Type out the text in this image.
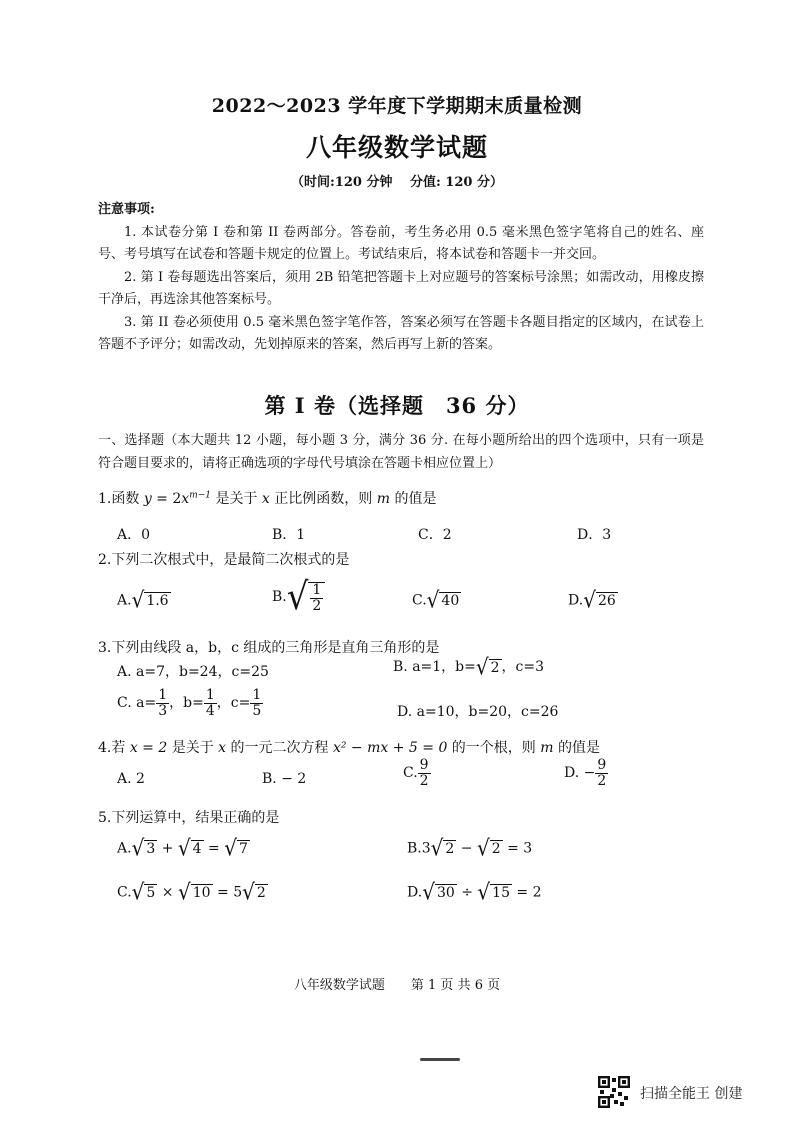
2022～2023 学年度下学期期末质量检测
八年级数学试题
（时间:120 分钟　 分值: 120 分）
注意事项:

1. 本试卷分第 I 卷和第 II 卷两部分。答卷前，考生务必用 0.5 毫米黑色签字笔将自己的姓名、座号、考号填写在试卷和答题卡规定的位置上。考试结束后，将本试卷和答题卡一并交回。

2. 第 I 卷每题选出答案后，须用 2B 铅笔把答题卡上对应题号的答案标号涂黑；如需改动，用橡皮擦干净后，再选涂其他答案标号。

3. 第 II 卷必须使用 0.5 毫米黑色签字笔作答，答案必须写在答题卡各题目指定的区域内，在试卷上答题不予评分；如需改动，先划掉原来的答案，然后再写上新的答案。

第 I 卷（选择题　36 分）
一、选择题（本大题共 12 小题，每小题 3 分，满分 36 分. 在每小题所给出的四个选项中，只有一项是符合题目要求的，请将正确选项的字母代号填涂在答题卡相应位置上）
1.函数 $y = 2x^{m-1}$ 是关于 x 正比例函数，则 m 的值是
A．0	B．1	C．2	D．3
2.下列二次根式中，是最简二次根式的是
A. √ 1.6	B. √ $\frac{1}{2}$	C. √ 40	D. √ 26
3.下列由线段 a，b，c 组成的三角形是直角三角形的是
A. a=7，b=24，c=25	B. a=1，b= √ 2 ，c=3
C. $a= \frac{1}{3}$ ，$b= \frac{1}{4}$ ，$c= \frac{1}{5}$	D. a=10，b=20，c=26
4.若 x = 2 是关于 x 的一元二次方程 x² − mx + 5 = 0 的一个根，则 m 的值是
A. 2	B. − 2	C. $\frac{9}{2}$	D. − $\frac{9}{2}$
5.下列运算中，结果正确的是
A. √ 3 + √ 4 = √ 7	B.3 √ 2 − √ 2 = 3
C. √ 5 × √ 10 = 5 √ 2	D. √ 30 ÷ √ 15 = 2
八年级数学试题　　第 1 页 共 6 页
扫描全能王 创建
